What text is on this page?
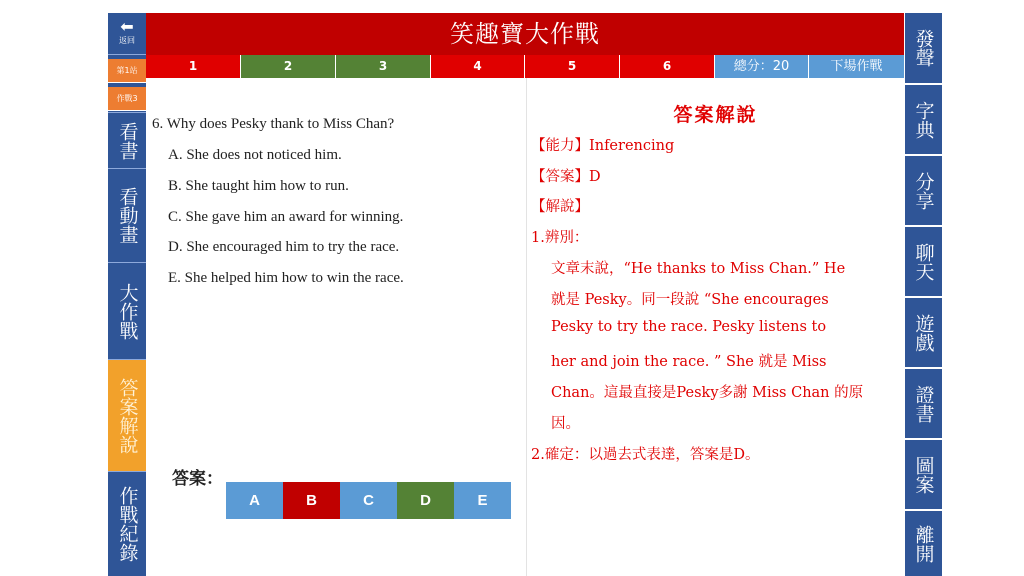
⬅
返回
第1站
作戰3
看書
看動畫
大作戰
答案解說
作戰紀錄
笑趣寶大作戰
1	2	3	4	5	6	總分：20	下場作戰	發聲
字典
分享
聊天
遊戲
證書
圖案
離開
6. Why does Pesky thank to Miss Chan?
A. She does not noticed him.
B. She taught him how to run.
C. She gave him an award for winning.
D. She encouraged him to try the race.
E. She helped him how to win the race.
答案：
A	B	C	D	E
答案解說
【能力】Inferencing
【答案】D
【解說】
1.辨別：
文章末說，“He thanks to Miss Chan.” He
就是 Pesky。同一段說 “She encourages
Pesky to try the race. Pesky listens to
her and join the race. ” She 就是 Miss
Chan。這最直接是Pesky多謝 Miss Chan 的原
因。
2.確定：以過去式表達，答案是D。
